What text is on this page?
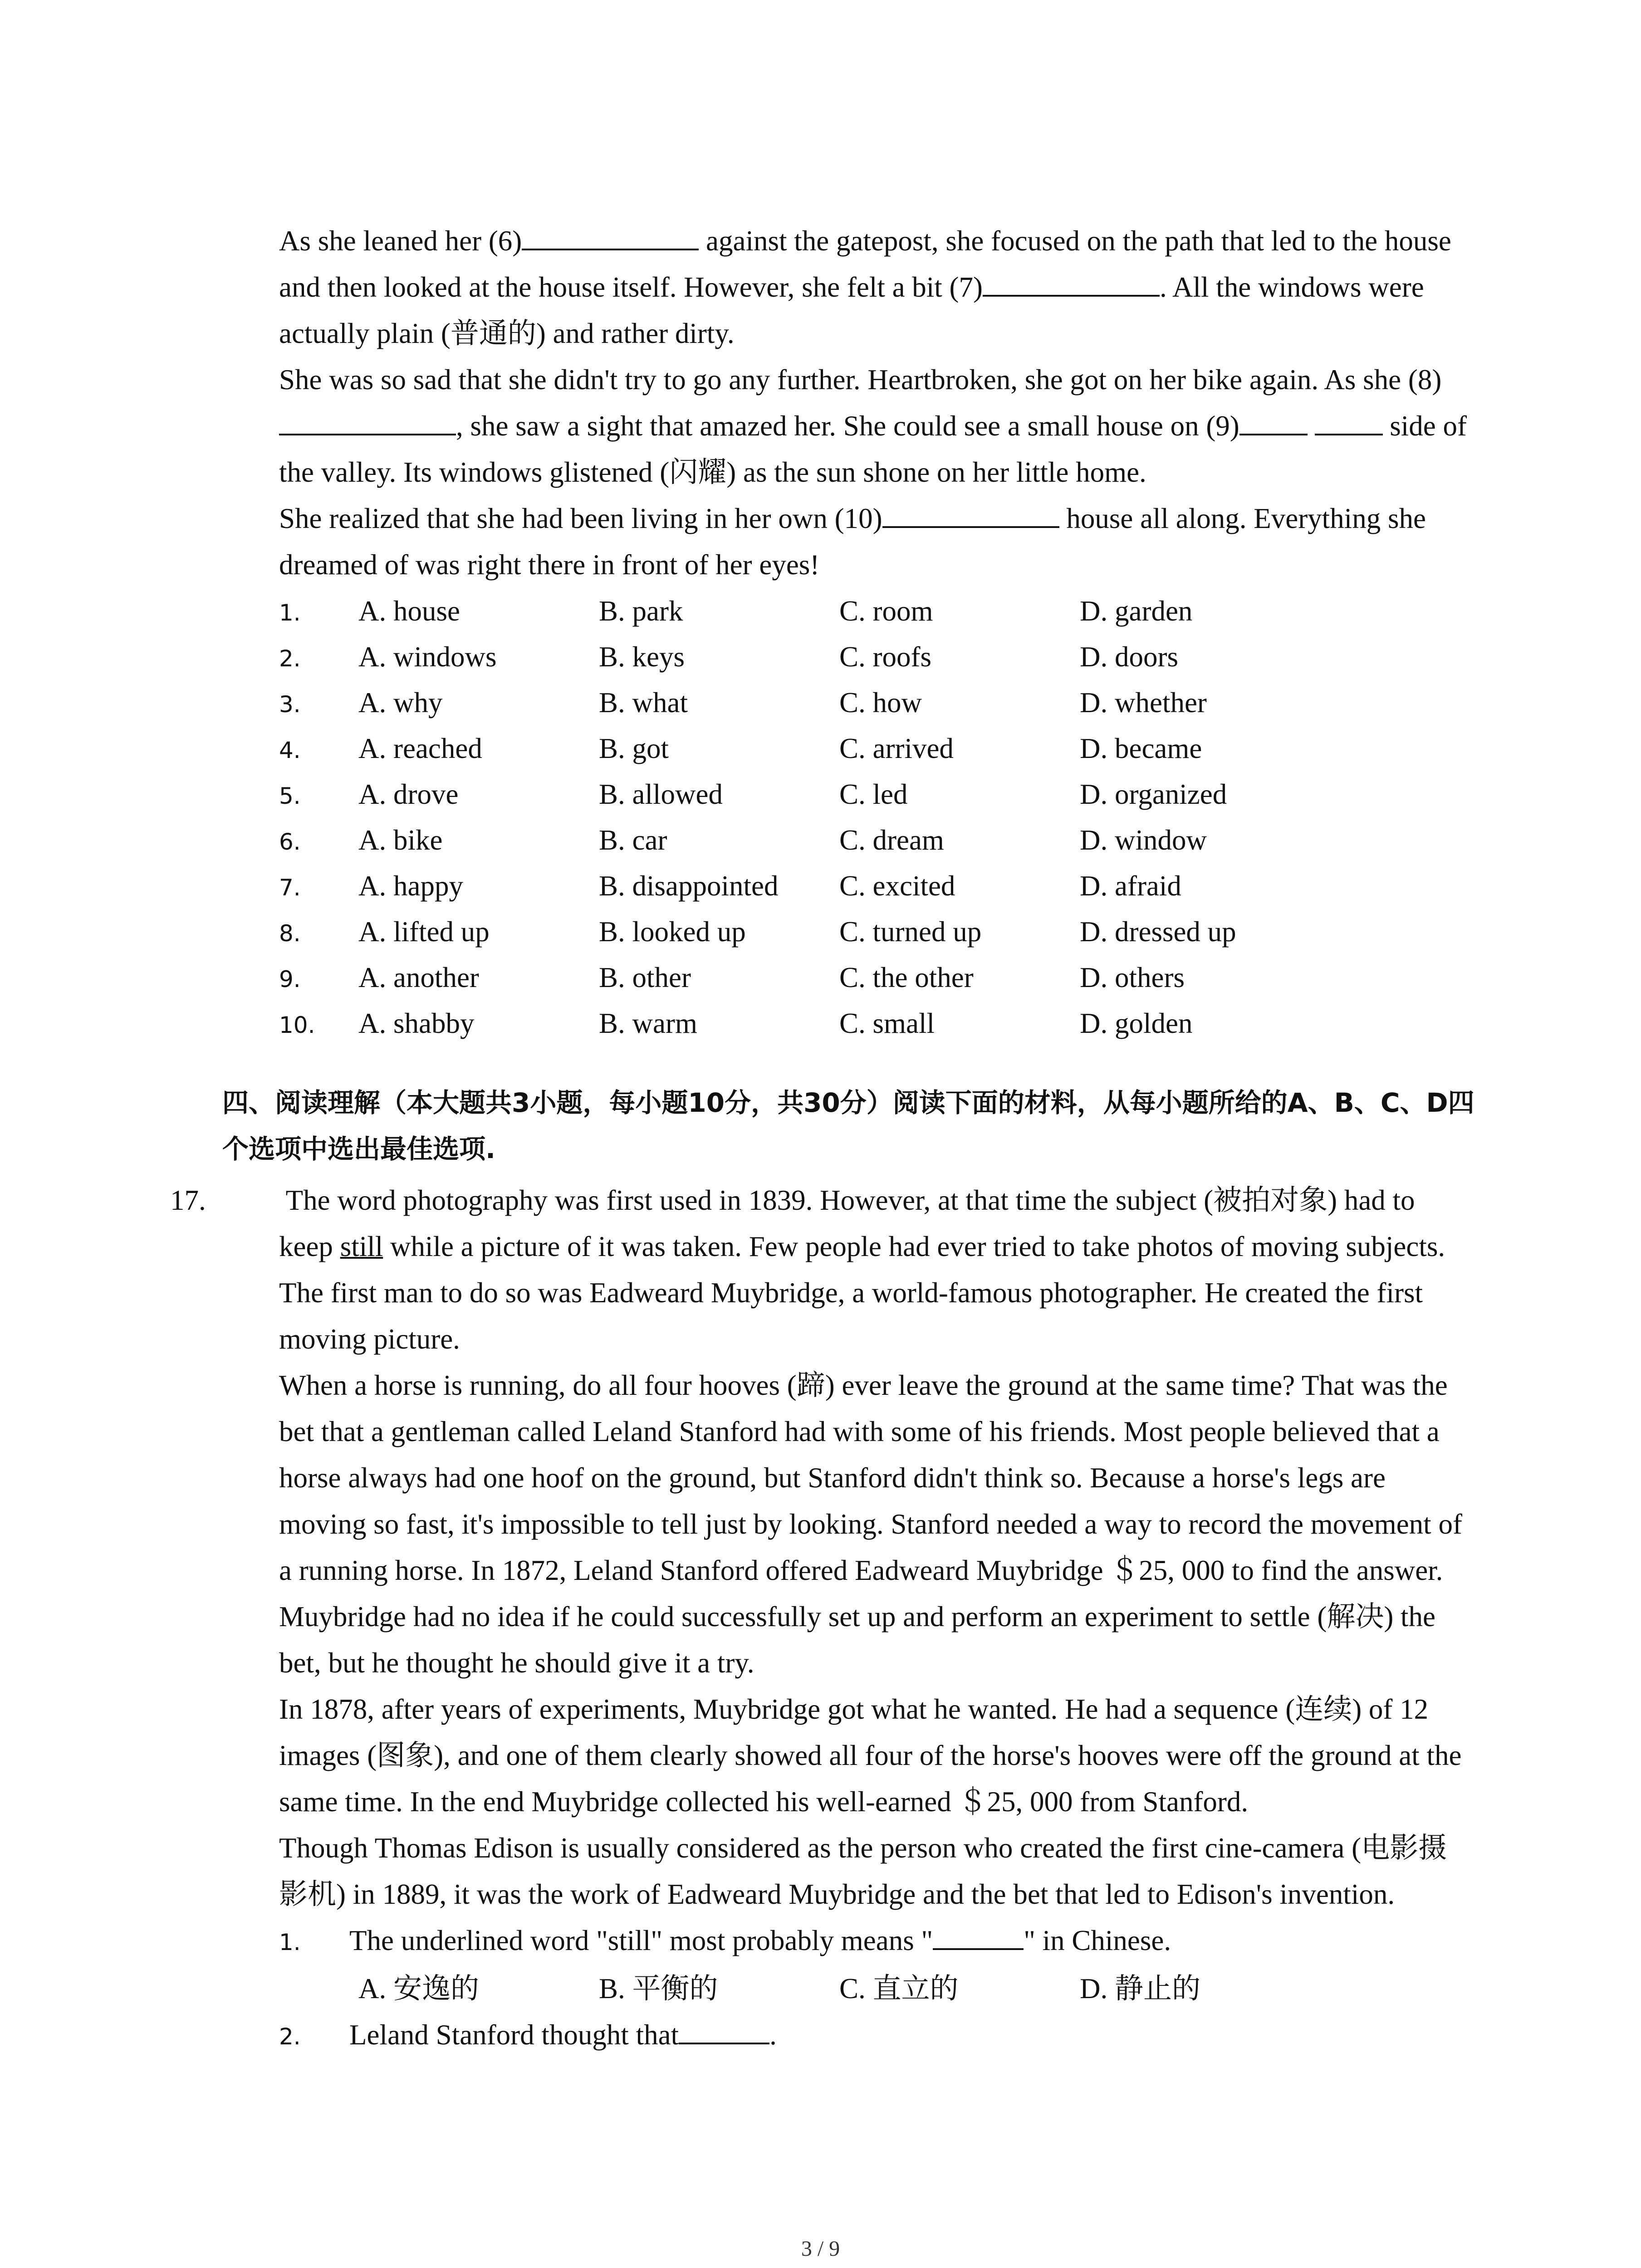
As she leaned her (6)	against the gatepost, she focused on the path that led to the house and then looked at the house itself. However, she felt a bit (7)	. All the windows were actually plain (普通的) and rather dirty.

She was so sad that she didn't try to go any further. Heartbroken, she got on her bike again. As she (8), she saw a sight that amazed her. She could see a small house on (9)	side of the valley. Its windows glistened (闪耀) as the sun shone on her little home.

She realized that she had been living in her own (10)	house all along. Everything she dreamed of was right there in front of her eyes!

1.	A. house	B. park	C. room	D. garden
2.	A. windows	B. keys	C. roofs	D. doors
3.	A. why	B. what	C. how	D. whether
4.	A. reached	B. got	C. arrived	D. became
5.	A. drove	B. allowed	C. led	D. organized
6.	A. bike	B. car	C. dream	D. window
7.	A. happy	B. disappointed	C. excited	D. afraid
8.	A. lifted up	B. looked up	C. turned up	D. dressed up
9.	A. another	B. other	C. the other	D. others
10.	A. shabby	B. warm	C. small	D. golden
四、阅读理解（本大题共3小题，每小题10分，共30分）阅读下面的材料，从每小题所给的A、B、C、D四个选项中选出最佳选项.

17.	The word photography was first used in 1839. However, at that time the subject (被拍对象) had to keep still while a picture of it was taken. Few people had ever tried to take photos of moving subjects. The first man to do so was Eadweard Muybridge, a world-famous photographer. He created the first moving picture.

When a horse is running, do all four hooves (蹄) ever leave the ground at the same time? That was the bet that a gentleman called Leland Stanford had with some of his friends. Most people believed that a horse always had one hoof on the ground, but Stanford didn't think so. Because a horse's legs are moving so fast, it's impossible to tell just by looking. Stanford needed a way to record the movement of a running horse. In 1872, Leland Stanford offered Eadweard Muybridge ＄25, 000 to find the answer. Muybridge had no idea if he could successfully set up and perform an experiment to settle (解决) the bet, but he thought he should give it a try.

In 1878, after years of experiments, Muybridge got what he wanted. He had a sequence (连续) of 12 images (图象), and one of them clearly showed all four of the horse's hooves were off the ground at the same time. In the end Muybridge collected his well-earned ＄25, 000 from Stanford.

Though Thomas Edison is usually considered as the person who created the first cine-camera (电影摄影机) in 1889, it was the work of Eadweard Muybridge and the bet that led to Edison's invention.

1.	The underlined word "still" most probably means "	" in Chinese.
A. 安逸的	B. 平衡的	C. 直立的	D. 静止的
2.	Leland Stanford thought that	.
3 / 9
